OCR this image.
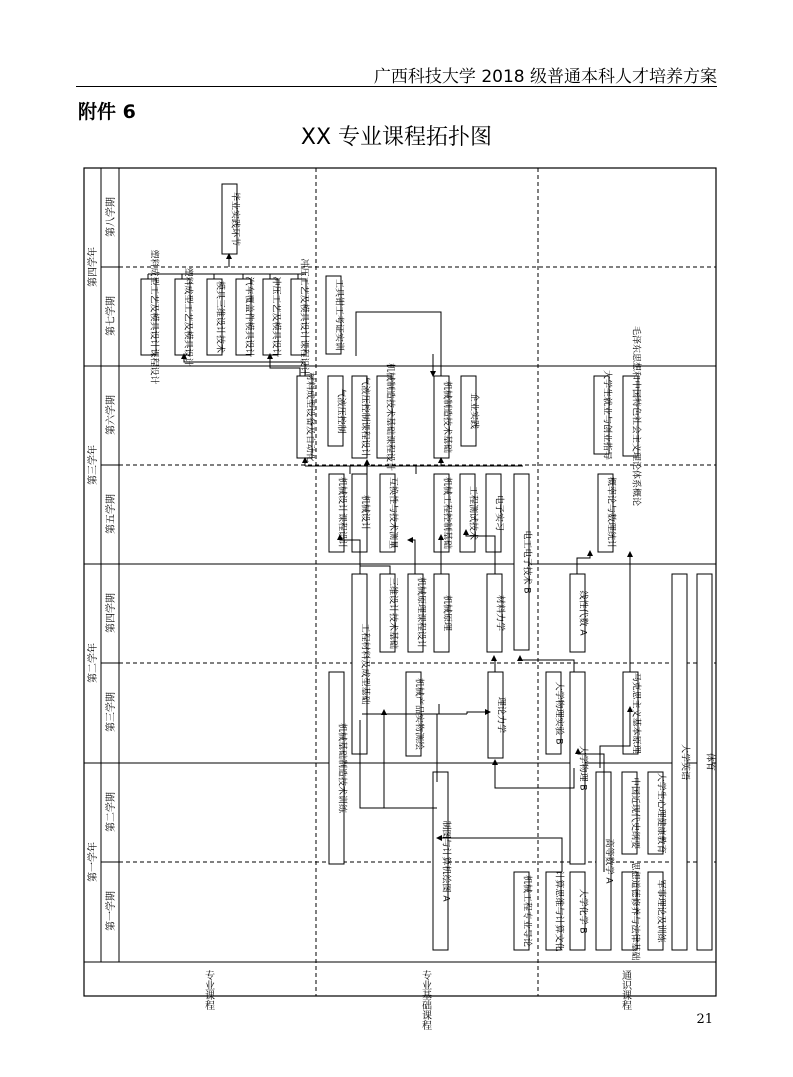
广西科技大学 2018 级普通本科人才培养方案
附件 6
XX 专业课程拓扑图
第四学年
第三学年
第二学年
第一学年
第八学期
第七学期
第六学期
第五学期
第四学期
第三学期
第二学期
第一学期
专业课程	专业基础课程	通识课程
毕业实践环节
塑料成型工艺及模具设计课程设计	塑料成型工艺及模具设计 模具三维设计技术 汽车覆盖件模具设计 冲压工艺及模具设计 冲压工艺及模具设计课程设计	工具钳工考证实训
材料成型设备及自动化 气液压控制 气液压控制课程设计 机械制造技术基础课程设计	机械制造技术基础 企业实践	大学生就业与创业指导 毛泽东思想和中国特色社会主义理论体系概论
机械设计课程设计 机械设计 互换性与技术测量	机械工程控制基础 工程测试技术 电子实习
电工电子技术 B
概率论与数理统计
工程材料及成型基础
三维设计技术基础 机械原理课程设计 机械原理	材料力学	线性代数 A
机械基础制造技术训练
机械产品实物测绘	理论力学	大学物理实验 B
大学物理 B
马克思主义基本原理
制图与计算机绘图 A
中国近现代史纲要 大学生心理健康教育
机械工程专业导论 计算思维与计算文化 大学化学 B
高等数学 A
思想道德修养与法律基础 军事理论及训练
大学英语 体育
21
